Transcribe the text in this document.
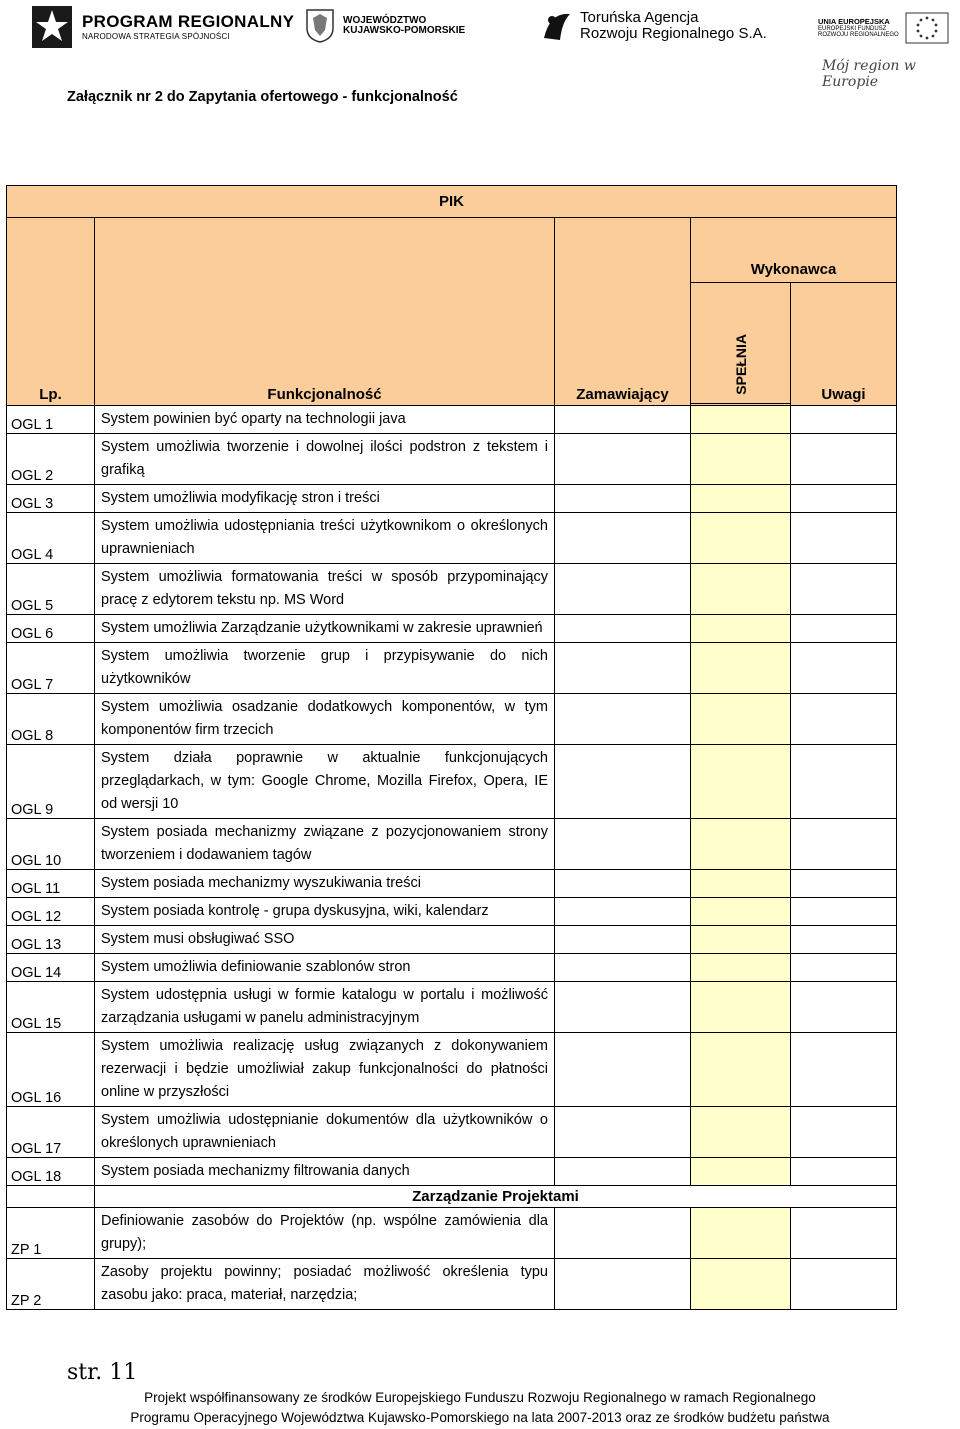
PROGRAM REGIONALNY
NARODOWA STRATEGIA SPÓJNOŚCI
WOJEWÓDZTWO
KUJAWSKO-POMORSKIE
Toruńska Agencja
Rozwoju Regionalnego S.A.
UNIA EUROPEJSKA
EUROPEJSKI FUNDUSZ
ROZWOJU REGIONALNEGO
Mój region w Europie
Załącznik nr 2 do Zapytania ofertowego - funkcjonalność
PIK				
Lp.	Funkcjonalność	Zamawiający	Wykonawca	

			SPEŁNIA	Uwagi

OGL 1	System powinien być oparty na technologii java			
OGL 2	System umożliwia tworzenie i dowolnej ilości podstron z tekstem i grafiką			
OGL 3	System umożliwia modyfikację stron i treści			
OGL 4	System umożliwia udostępniania treści użytkownikom o określonych uprawnieniach			
OGL 5	System umożliwia formatowania treści w sposób przypominający pracę z edytorem tekstu np. MS Word			
OGL 6	System umożliwia Zarządzanie użytkownikami w zakresie uprawnień			
OGL 7	System umożliwia tworzenie grup i przypisywanie do nich użytkowników			
OGL 8	System umożliwia osadzanie dodatkowych komponentów, w tym komponentów firm trzecich			
OGL 9	System działa poprawnie w aktualnie funkcjonujących przeglądarkach, w tym: Google Chrome, Mozilla Firefox, Opera, IE od wersji 10			
OGL 10	System posiada mechanizmy związane z pozycjonowaniem strony tworzeniem i dodawaniem tagów			
OGL 11	System posiada mechanizmy wyszukiwania treści			
OGL 12	System posiada kontrolę - grupa dyskusyjna, wiki, kalendarz			
OGL 13	System musi obsługiwać SSO			
OGL 14	System umożliwia definiowanie szablonów stron			
OGL 15	System udostępnia usługi w formie katalogu w portalu i możliwość zarządzania usługami w panelu administracyjnym			
OGL 16	System umożliwia realizację usług związanych z dokonywaniem rezerwacji i będzie umożliwiał zakup funkcjonalności do płatności online w przyszłości			
OGL 17	System umożliwia udostępnianie dokumentów dla użytkowników o określonych uprawnieniach			
OGL 18	System posiada mechanizmy filtrowania danych			
	Zarządzanie Projektami			
ZP 1	Definiowanie zasobów do Projektów (np. wspólne zamówienia dla grupy);			
ZP 2	Zasoby projektu powinny; posiadać możliwość określenia typu zasobu jako: praca, materiał, narzędzia;			
str. 11
Projekt współfinansowany ze środków Europejskiego Funduszu Rozwoju Regionalnego w ramach Regionalnego
Programu Operacyjnego Województwa Kujawsko-Pomorskiego na lata 2007-2013 oraz ze środków budżetu państwa
